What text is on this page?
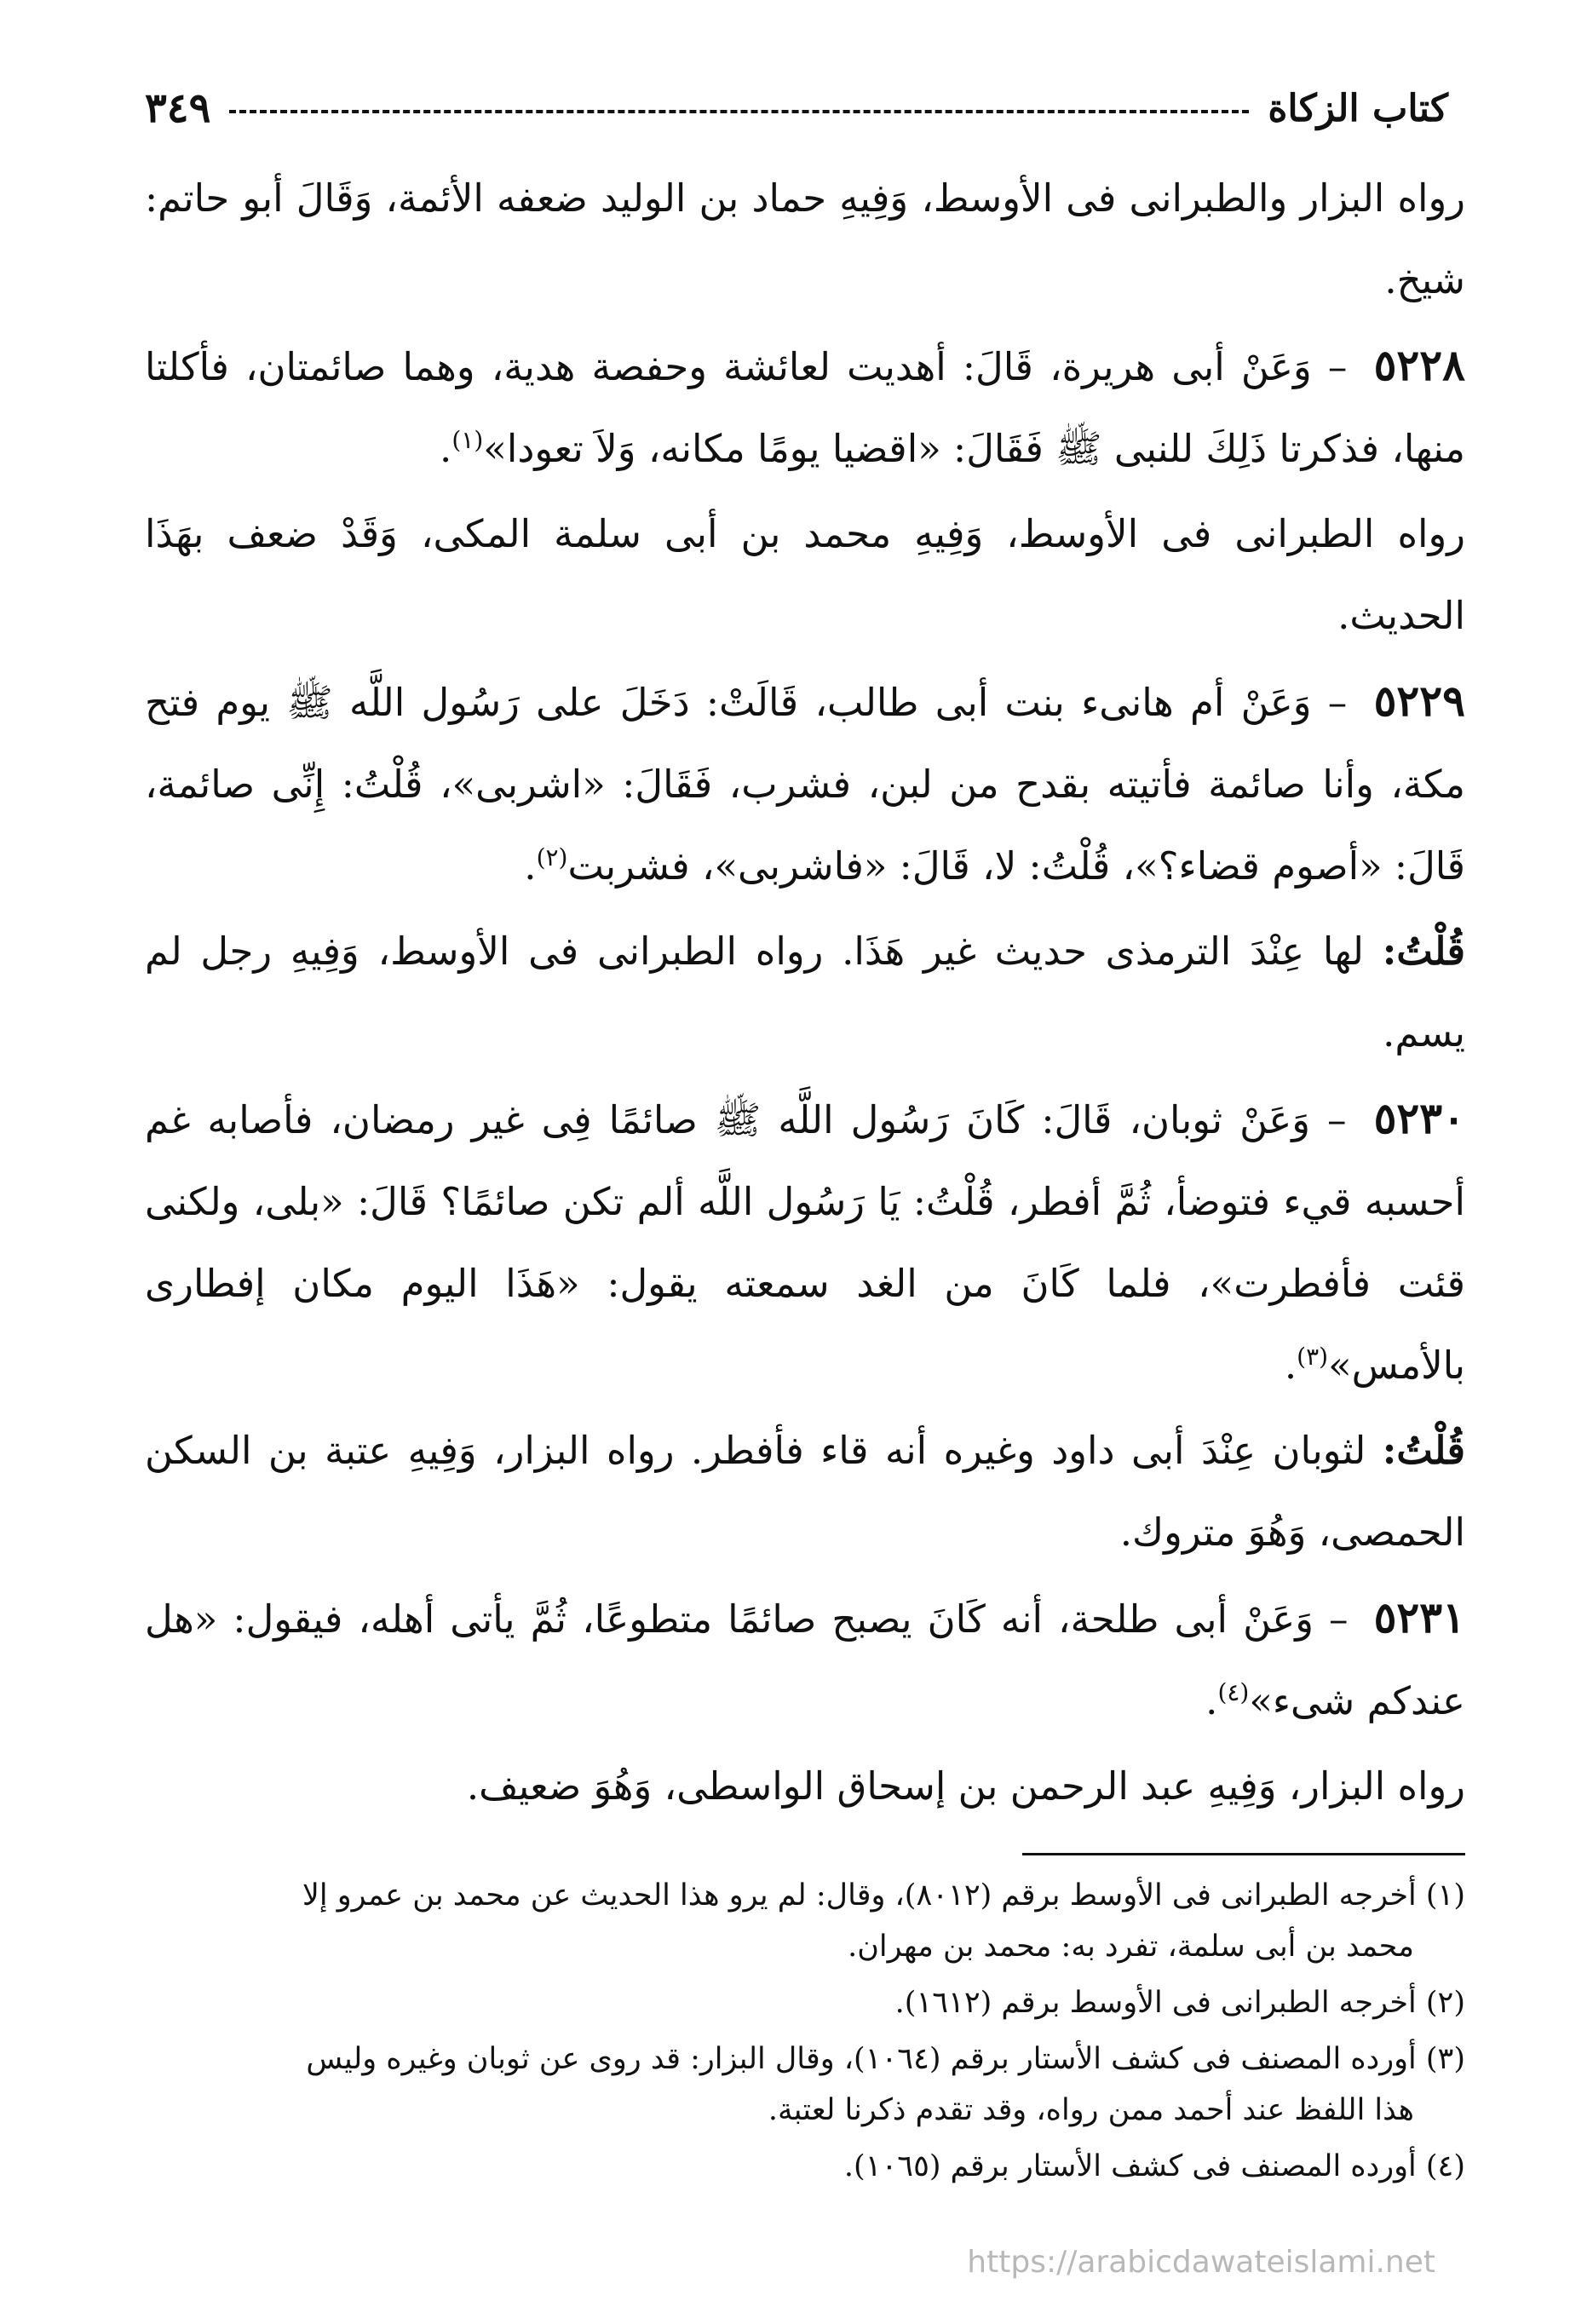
كتاب الزكاة
٣٤٩

رواه البزار والطبرانى فى الأوسط، وَفِيهِ حماد بن الوليد ضعفه الأئمة، وَقَالَ أبو حاتم: شيخ.

٥٢٢٨ – وَعَنْ أبى هريرة، قَالَ: أهديت لعائشة وحفصة هدية، وهما صائمتان، فأكلتا منها، فذكرتا ذَلِكَ للنبى ﷺ فَقَالَ: «اقضيا يومًا مكانه، وَلاَ تعودا»$^{(١)}$.

رواه الطبرانى فى الأوسط، وَفِيهِ محمد بن أبى سلمة المكى، وَقَدْ ضعف بهَذَا الحديث.

٥٢٢٩ – وَعَنْ أم هانىء بنت أبى طالب، قَالَتْ: دَخَلَ على رَسُول اللَّه ﷺ يوم فتح مكة، وأنا صائمة فأتيته بقدح من لبن، فشرب، فَقَالَ: «اشربى»، قُلْتُ: إِنِّى صائمة، قَالَ: «أصوم قضاء؟»، قُلْتُ: لا، قَالَ: «فاشربى»، فشربت$^{(٢)}$.

قُلْتُ: لها عِنْدَ الترمذى حديث غير هَذَا. رواه الطبرانى فى الأوسط، وَفِيهِ رجل لم يسم.

٥٢٣٠ – وَعَنْ ثوبان، قَالَ: كَانَ رَسُول اللَّه ﷺ صائمًا فِى غير رمضان، فأصابه غم أحسبه قيء فتوضأ، ثُمَّ أفطر، قُلْتُ: يَا رَسُول اللَّه ألم تكن صائمًا؟ قَالَ: «بلى، ولكنى قئت فأفطرت»، فلما كَانَ من الغد سمعته يقول: «هَذَا اليوم مكان إفطارى بالأمس»$^{(٣)}$.

قُلْتُ: لثوبان عِنْدَ أبى داود وغيره أنه قاء فأفطر. رواه البزار، وَفِيهِ عتبة بن السكن الحمصى، وَهُوَ متروك.

٥٢٣١ – وَعَنْ أبى طلحة، أنه كَانَ يصبح صائمًا متطوعًا، ثُمَّ يأتى أهله، فيقول: «هل عندكم شىء»$^{(٤)}$.

رواه البزار، وَفِيهِ عبد الرحمن بن إسحاق الواسطى، وَهُوَ ضعيف.

(١) أخرجه الطبرانى فى الأوسط برقم (٨٠١٢)، وقال: لم يرو هذا الحديث عن محمد بن عمرو إلا
محمد بن أبى سلمة، تفرد به: محمد بن مهران.

(٢) أخرجه الطبرانى فى الأوسط برقم (١٦١٢).

(٣) أورده المصنف فى كشف الأستار برقم (١٠٦٤)، وقال البزار: قد روى عن ثوبان وغيره وليس
هذا اللفظ عند أحمد ممن رواه، وقد تقدم ذكرنا لعتبة.

(٤) أورده المصنف فى كشف الأستار برقم (١٠٦٥).

https://arabicdawateislami.net
